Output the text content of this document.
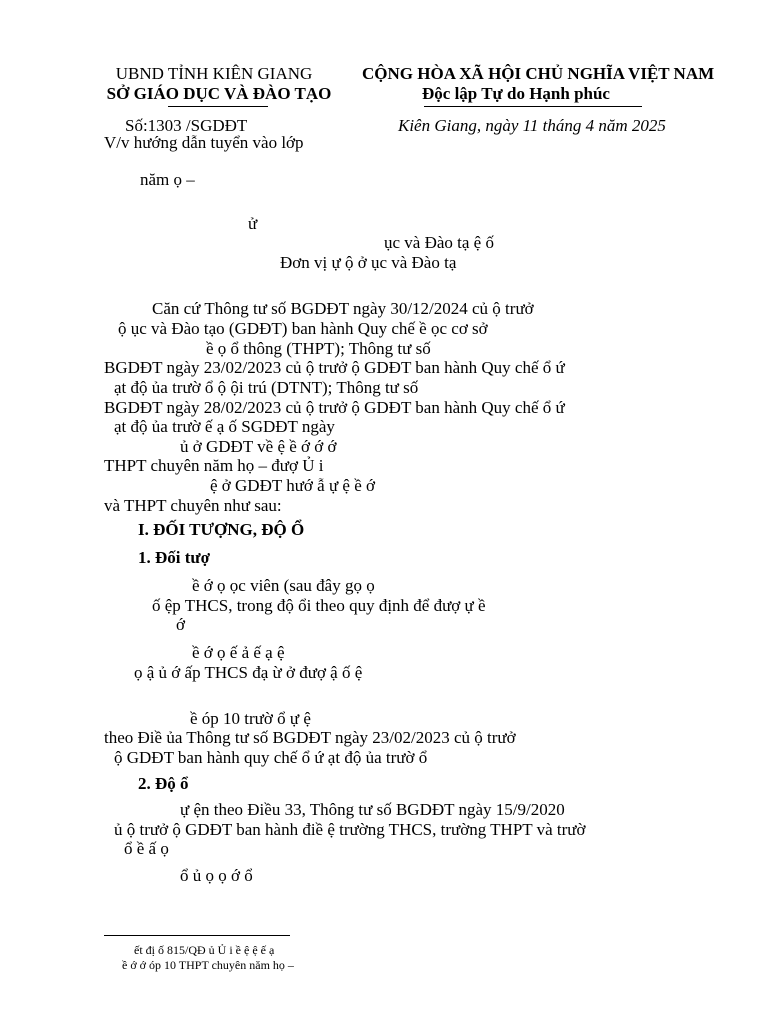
UBND TỈNH KIÊN GIANG
SỞ GIÁO DỤC VÀ ĐÀO TẠO
CỘNG HÒA XÃ HỘI CHỦ NGHĨA VIỆT NAM
Độc lập Tự do Hạnh phúc
Số:1303 /SGDĐT	Kiên Giang, ngày 11 tháng 4 năm 2025
V/v hướng dẫn tuyển vào lớp
năm ọ –
ử
ục và Đào tạ ệ ố
Đơn vị ự ộ ở ục và Đào tạ
Căn cứ Thông tư số BGDĐT ngày 30/12/2024 củ ộ trưở
ộ ục và Đào tạo (GDĐT) ban hành Quy chế ề ọc cơ sở
ề ọ ổ thông (THPT); Thông tư số
BGDĐT ngày 23/02/2023 củ ộ trưở ộ GDĐT ban hành Quy chế ổ ứ
ạt độ ủa trườ ổ ộ ội trú (DTNT); Thông tư số
BGDĐT ngày 28/02/2023 củ ộ trưở ộ GDĐT ban hành Quy chế ổ ứ
ạt độ ủa trườ ế ạ ố SGDĐT ngày
ủ ở GDĐT về ệ ề ớ ớ ớ
THPT chuyên năm họ – đượ Ủ i
ệ ở GDĐT hướ ẫ ự ệ ề ớ
và THPT chuyên như sau:
I. ĐỐI TƯỢNG, ĐỘ Ổ
1. Đối tượ
ề ớ ọ ọc viên (sau đây gọ ọ
ố ệp THCS, trong độ ổi theo quy định để đượ ự ề
ớ
ề ớ ọ ế ả ế ạ ệ
ọ ậ ủ ớ ấp THCS đạ ừ ở đượ ậ ố ệ
ề óp 10 trườ ổ ự ệ
theo Điề ủa Thông tư số BGDĐT ngày 23/02/2023 củ ộ trưở
ộ GDĐT ban hành quy chế ổ ứ ạt độ ủa trườ ổ
2. Độ ổ
ự ện theo Điều 33, Thông tư số BGDĐT ngày 15/9/2020
ủ ộ trưở ộ GDĐT ban hành điề ệ trường THCS, trường THPT và trườ
ổ ề ấ ọ
ổ ủ ọ ọ ớ ổ
ết đị ố 815/QĐ ủ Ủ i ề ệ ệ ế ạ
ề ớ ớ óp 10 THPT chuyên năm họ –
